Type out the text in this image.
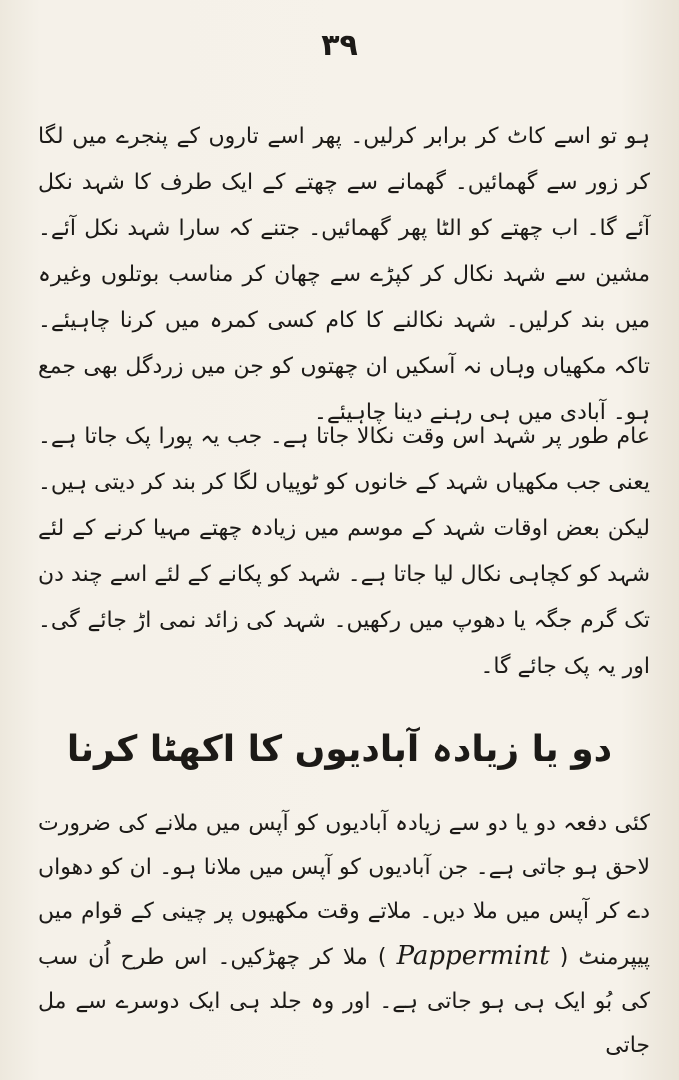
۳۹

ہو تو اسے کاٹ کر برابر کرلیں۔ پھر اسے تاروں کے پنجرے میں لگا کر زور سے گھمائیں۔ گھمانے سے چھتے کے ایک طرف کا شہد نکل آئے گا۔ اب چھتے کو الٹا پھر گھمائیں۔ جتنے کہ سارا شہد نکل آئے۔ مشین سے شہد نکال کر کپڑے سے چھان کر مناسب بوتلوں وغیرہ میں بند کرلیں۔ شہد نکالنے کا کام کسی کمرہ میں کرنا چاہیئے۔ تاکہ مکھیاں وہاں نہ آسکیں ان چھتوں کو جن میں زردگل بھی جمع ہو۔ آبادی میں ہی رہنے دینا چاہیئے۔

عام طور پر شہد اس وقت نکالا جاتا ہے۔ جب یہ پورا پک جاتا ہے۔ یعنی جب مکھیاں شہد کے خانوں کو ٹوپیاں لگا کر بند کر دیتی ہیں۔ لیکن بعض اوقات شہد کے موسم میں زیادہ چھتے مہیا کرنے کے لئے شہد کو کچاہی نکال لیا جاتا ہے۔ شہد کو پکانے کے لئے اسے چند دن تک گرم جگہ یا دھوپ میں رکھیں۔ شہد کی زائد نمی اڑ جائے گی۔ اور یہ پک جائے گا۔

دو یا زیادہ آبادیوں کا اکھٹا کرنا

کئی دفعہ دو یا دو سے زیادہ آبادیوں کو آپس میں ملانے کی ضرورت لاحق ہو جاتی ہے۔ جن آبادیوں کو آپس میں ملانا ہو۔ ان کو دھواں دے کر آپس میں ملا دیں۔ ملاتے وقت مکھیوں پر چینی کے قوام میں پیپرمنٹ ( Pappermint ) ملا کر چھڑکیں۔ اس طرح اُن سب کی بُو ایک ہی ہو جاتی ہے۔ اور وہ جلد ہی ایک دوسرے سے مل جاتی
